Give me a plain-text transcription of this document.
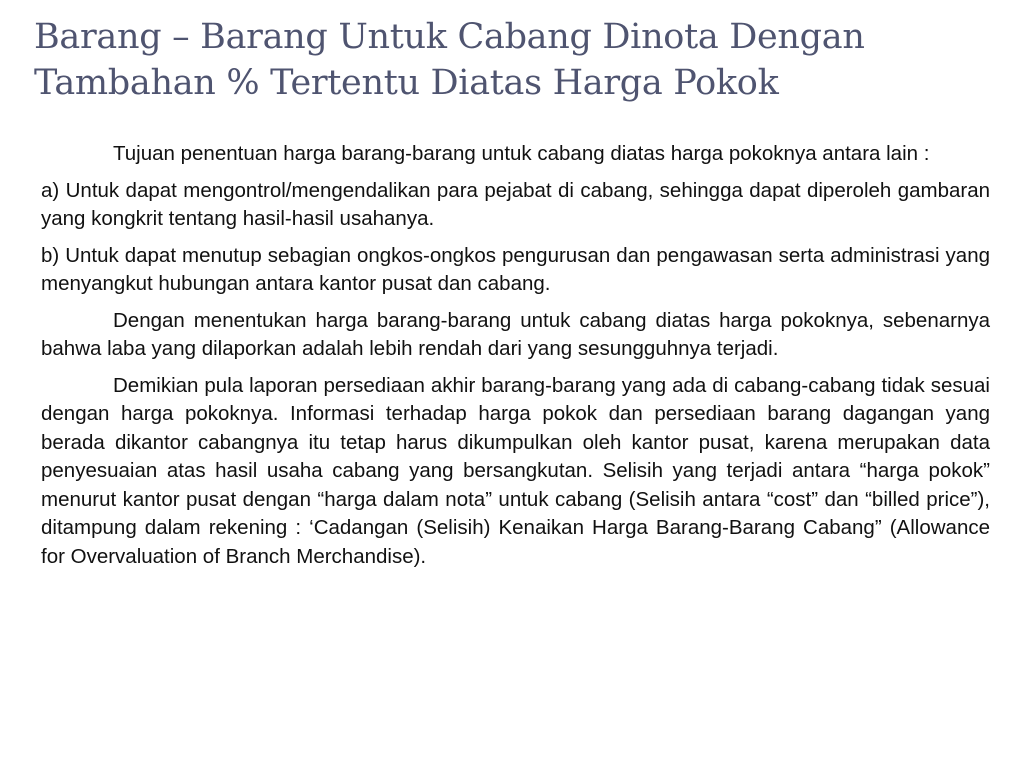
Barang – Barang Untuk Cabang Dinota Dengan
Tambahan % Tertentu Diatas Harga Pokok

Tujuan penentuan harga barang-barang untuk cabang diatas harga pokoknya antara lain :

a) Untuk dapat mengontrol/mengendalikan para pejabat di cabang, sehingga dapat diperoleh gambaran yang kongkrit tentang hasil-hasil usahanya.

b) Untuk dapat menutup sebagian ongkos-ongkos pengurusan dan pengawasan serta administrasi yang menyangkut hubungan antara kantor pusat dan cabang.

Dengan menentukan harga barang-barang untuk cabang diatas harga pokoknya, sebenarnya bahwa laba yang dilaporkan adalah lebih rendah dari yang sesungguhnya terjadi.

Demikian pula laporan persediaan akhir barang-barang yang ada di cabang-cabang tidak sesuai dengan harga pokoknya. Informasi terhadap harga pokok dan persediaan barang dagangan yang berada dikantor cabangnya itu tetap harus dikumpulkan oleh kantor pusat, karena merupakan data penyesuaian atas hasil usaha cabang yang bersangkutan. Selisih yang terjadi antara “harga pokok” menurut kantor pusat dengan “harga dalam nota” untuk cabang (Selisih antara “cost” dan “billed price”), ditampung dalam rekening : ‘Cadangan (Selisih) Kenaikan Harga Barang-Barang Cabang” (Allowance for Overvaluation of Branch Merchandise).
